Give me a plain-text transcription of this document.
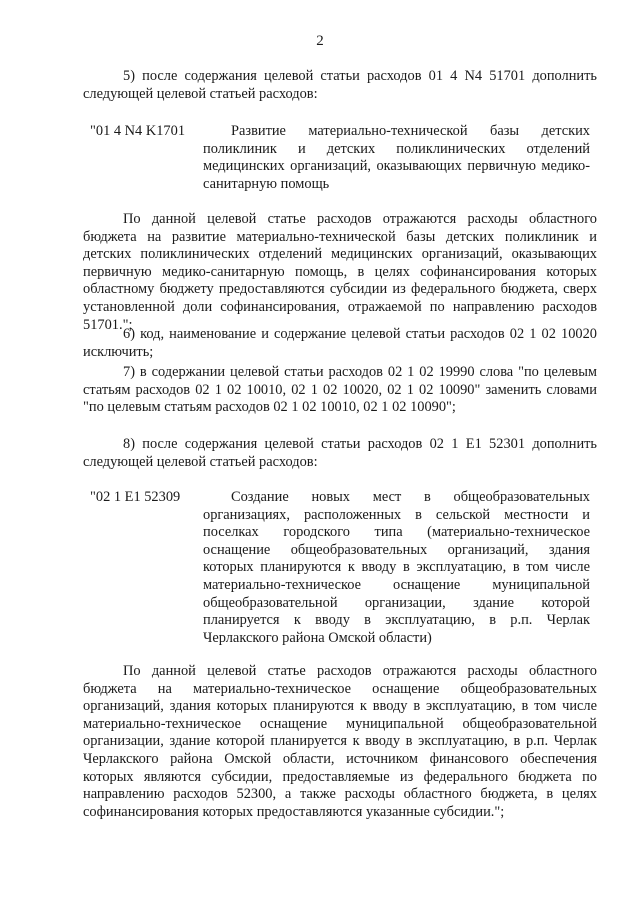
2

5) после содержания целевой статьи расходов 01 4 N4 51701 дополнить следующей целевой статьей расходов:

"01 4 N4 K1701	Развитие материально-технической базы детских поликлиник и детских поликлинических отделений медицинских организаций, оказывающих первичную медико-санитарную помощь

По данной целевой статье расходов отражаются расходы областного бюджета на развитие материально-технической базы детских поликлиник и детских поликлинических отделений медицинских организаций, оказывающих первичную медико-санитарную помощь, в целях софинансирования которых областному бюджету предоставляются субсидии из федерального бюджета, сверх установленной доли софинансирования, отражаемой по направлению расходов 51701.";

6) код, наименование и содержание целевой статьи расходов 02 1 02 10020 исключить;

7) в содержании целевой статьи расходов 02 1 02 19990 слова "по целевым статьям расходов 02 1 02 10010, 02 1 02 10020, 02 1 02 10090" заменить словами "по целевым статьям расходов 02 1 02 10010, 02 1 02 10090";

8) после содержания целевой статьи расходов 02 1 E1 52301 дополнить следующей целевой статьей расходов:

"02 1 E1 52309	Создание новых мест в общеобразовательных организациях, расположенных в сельской местности и поселках городского типа (материально-техническое оснащение общеобразовательных организаций, здания которых планируются к вводу в эксплуатацию, в том числе материально-техническое оснащение муниципальной общеобразовательной организации, здание которой планируется к вводу в эксплуатацию, в р.п. Черлак Черлакского района Омской области)

По данной целевой статье расходов отражаются расходы областного бюджета на материально-техническое оснащение общеобразовательных организаций, здания которых планируются к вводу в эксплуатацию, в том числе материально-техническое оснащение муниципальной общеобразовательной организации, здание которой планируется к вводу в эксплуатацию, в р.п. Черлак Черлакского района Омской области, источником финансового обеспечения которых являются субсидии, предоставляемые из федерального бюджета по направлению расходов 52300, а также расходы областного бюджета, в целях софинансирования которых предоставляются указанные субсидии.";
